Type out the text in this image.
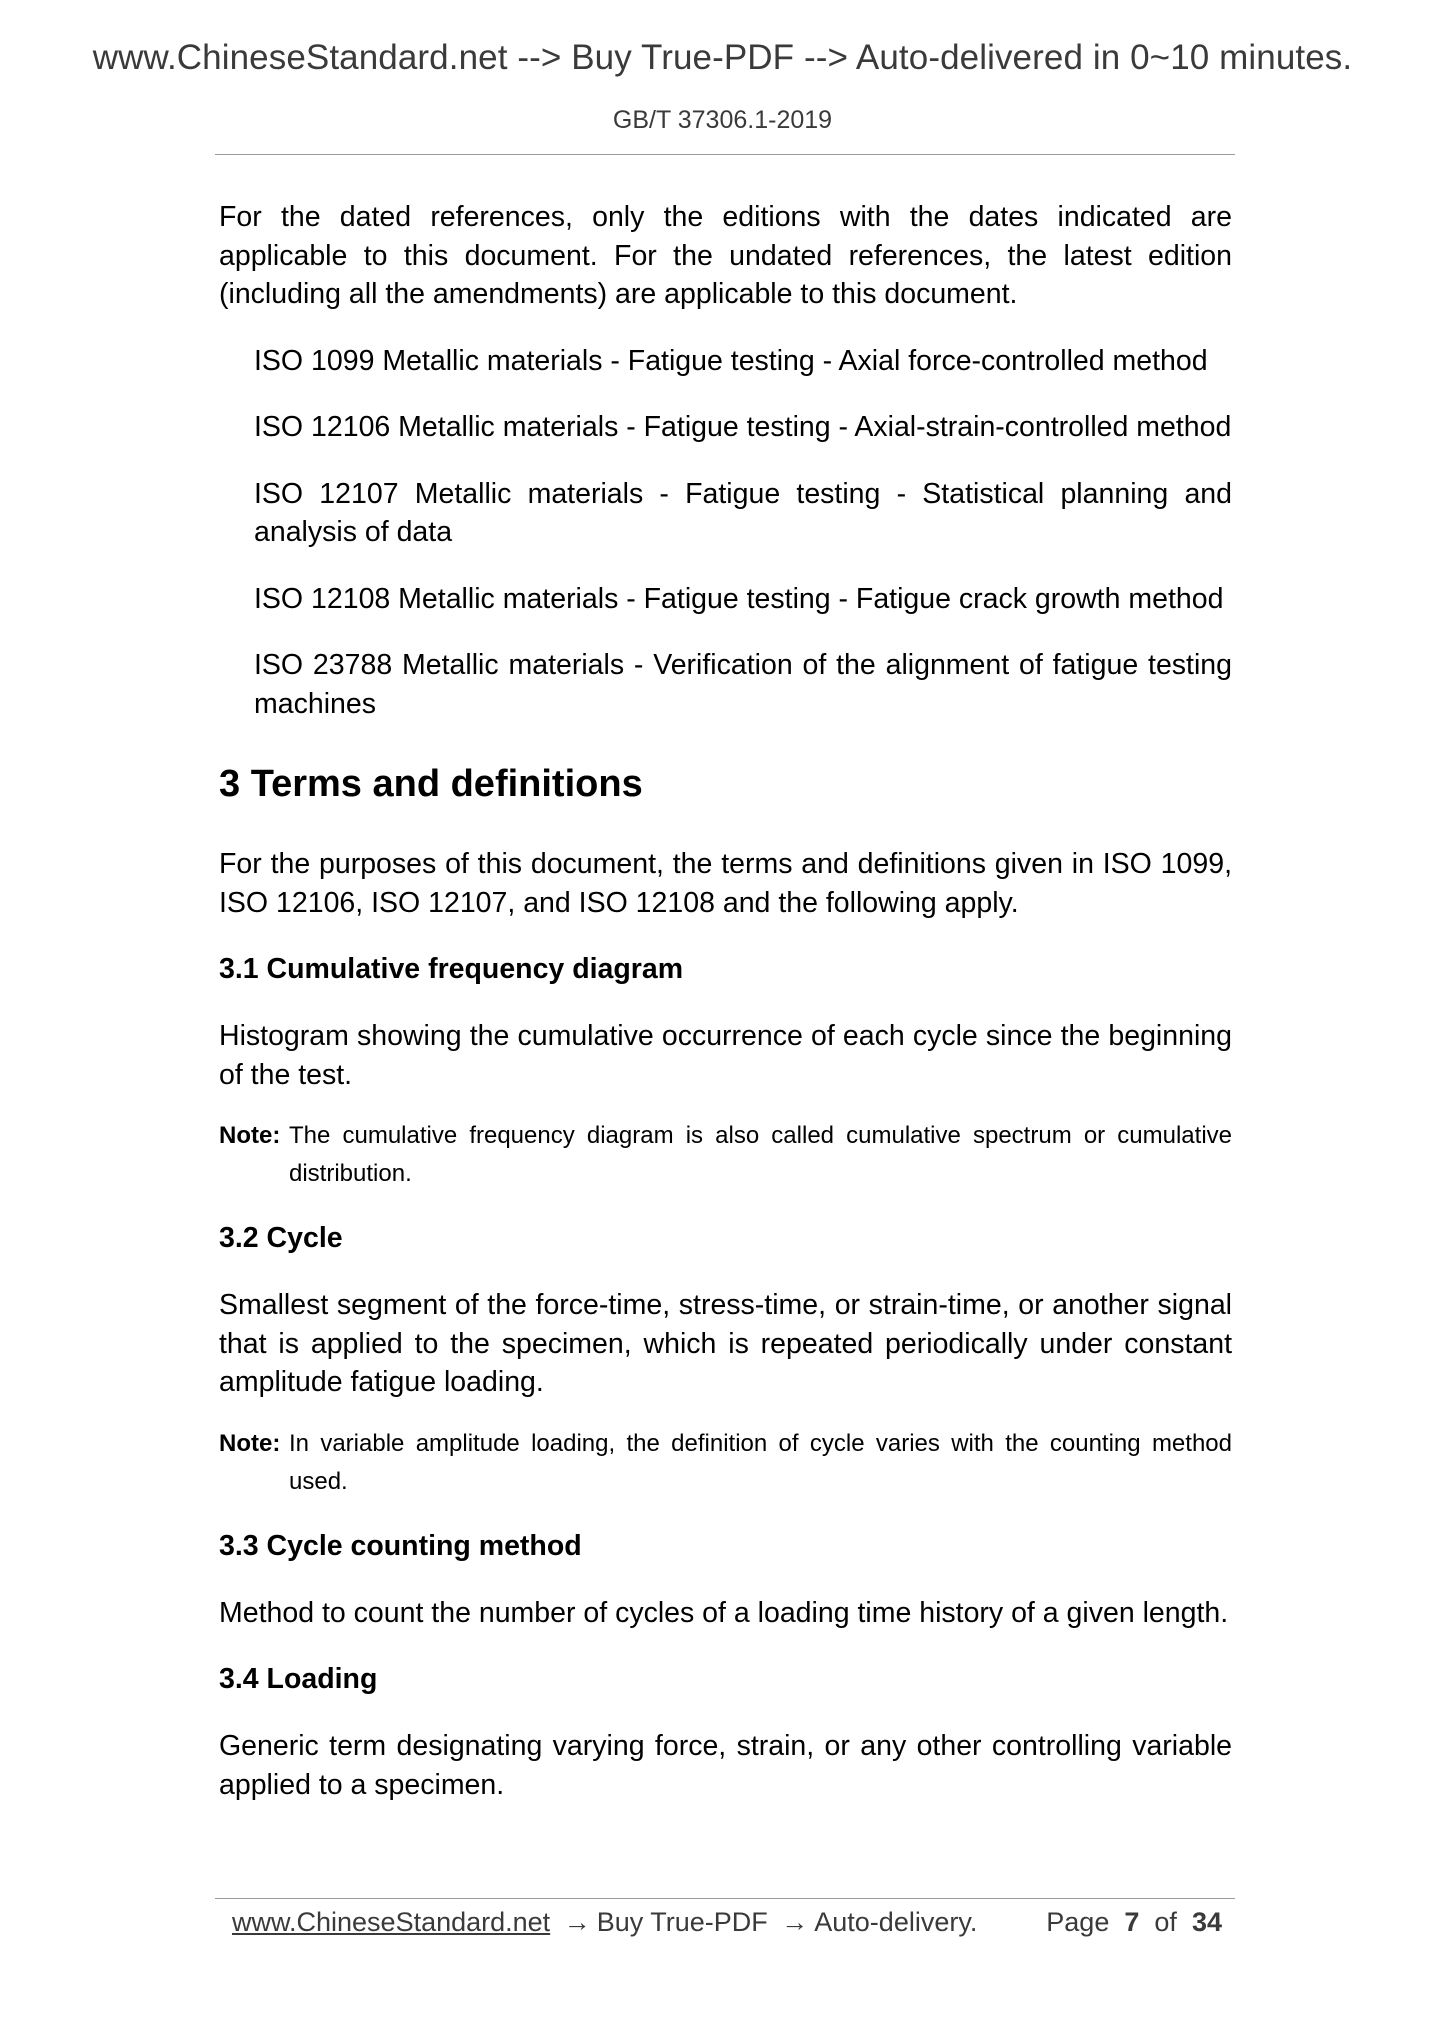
www.ChineseStandard.net --> Buy True-PDF --> Auto-delivered in 0~10 minutes.
GB/T 37306.1-2019

For the dated references, only the editions with the dates indicated are applicable to this document. For the undated references, the latest edition (including all the amendments) are applicable to this document.

ISO 1099 Metallic materials - Fatigue testing - Axial force-controlled method

ISO 12106 Metallic materials - Fatigue testing - Axial-strain-controlled method

ISO 12107 Metallic materials - Fatigue testing - Statistical planning and analysis of data

ISO 12108 Metallic materials - Fatigue testing - Fatigue crack growth method

ISO 23788 Metallic materials - Verification of the alignment of fatigue testing machines

3 Terms and definitions

For the purposes of this document, the terms and definitions given in ISO 1099, ISO 12106, ISO 12107, and ISO 12108 and the following apply.

3.1 Cumulative frequency diagram

Histogram showing the cumulative occurrence of each cycle since the beginning of the test.

Note: The cumulative frequency diagram is also called cumulative spectrum or cumulative distribution.

3.2 Cycle

Smallest segment of the force-time, stress-time, or strain-time, or another signal that is applied to the specimen, which is repeated periodically under constant amplitude fatigue loading.

Note: In variable amplitude loading, the definition of cycle varies with the counting method used.

3.3 Cycle counting method

Method to count the number of cycles of a loading time history of a given length.

3.4 Loading

Generic term designating varying force, strain, or any other controlling variable applied to a specimen.

www.ChineseStandard.net → Buy True-PDF → Auto-delivery.	Page 7 of 34
